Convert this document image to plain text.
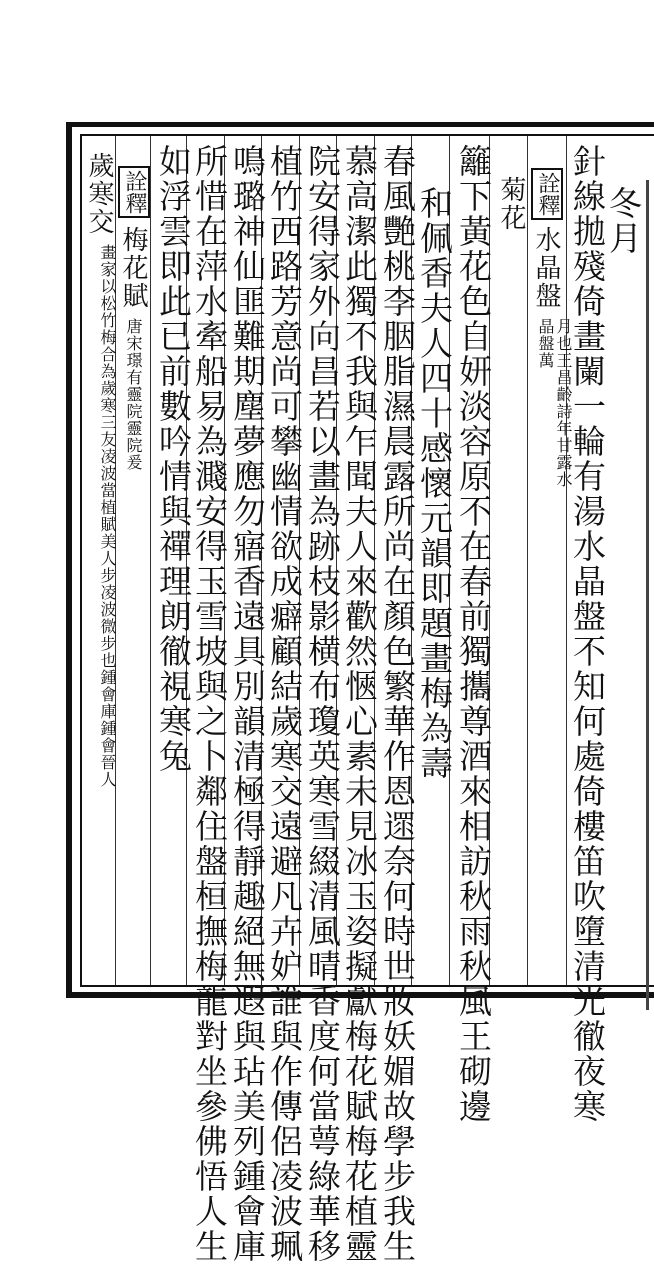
冬月
針線拋殘倚畫闌一輪有湯水晶盤不知何處倚樓笛吹墮清光徹夜寒
詮釋
水晶盤
月也王昌齡詩年甘露水晶盤萬
籬下黃花色自妍淡容原不在春前獨攜尊酒來相訪秋雨秋風王砌邊 菊花
和佩香夫人四十感懷元韻即題畫梅為壽
春風艷桃李胭脂濕晨露所尚在顏色繁華作恩遝奈何時世妝妖媚故學步我生
慕高潔此獨不我與乍聞夫人來歡然愜心素未見冰玉姿擬獻梅花賦梅花植靈
院安得家外向昌若以畫為跡枝影横布瓊英寒雪綴清風晴香度何當萼綠華移
植竹西路芳意尚可攀幽情欲成癖顧結歲寒交遠避凡卉妒誰與作傳侶凌波珮
鳴璐神仙匪難期塵夢應勿寤香遠具別韻清極得靜趣絕無遐與玷美列鍾會庫
所惜在萍水牽船易為濺安得玉雪坡與之卜鄰住盤桓撫梅龍對坐參佛悟人生
如浮雲即此已前數吟情與禪理朗徹視寒兔
詮釋
梅花賦
唐宋璟有靈院靈院爰
歲寒交
畫家以松竹梅合為歲寒三友凌波當植賦美人步凌波微步也鍾會庫鍾會晉人
